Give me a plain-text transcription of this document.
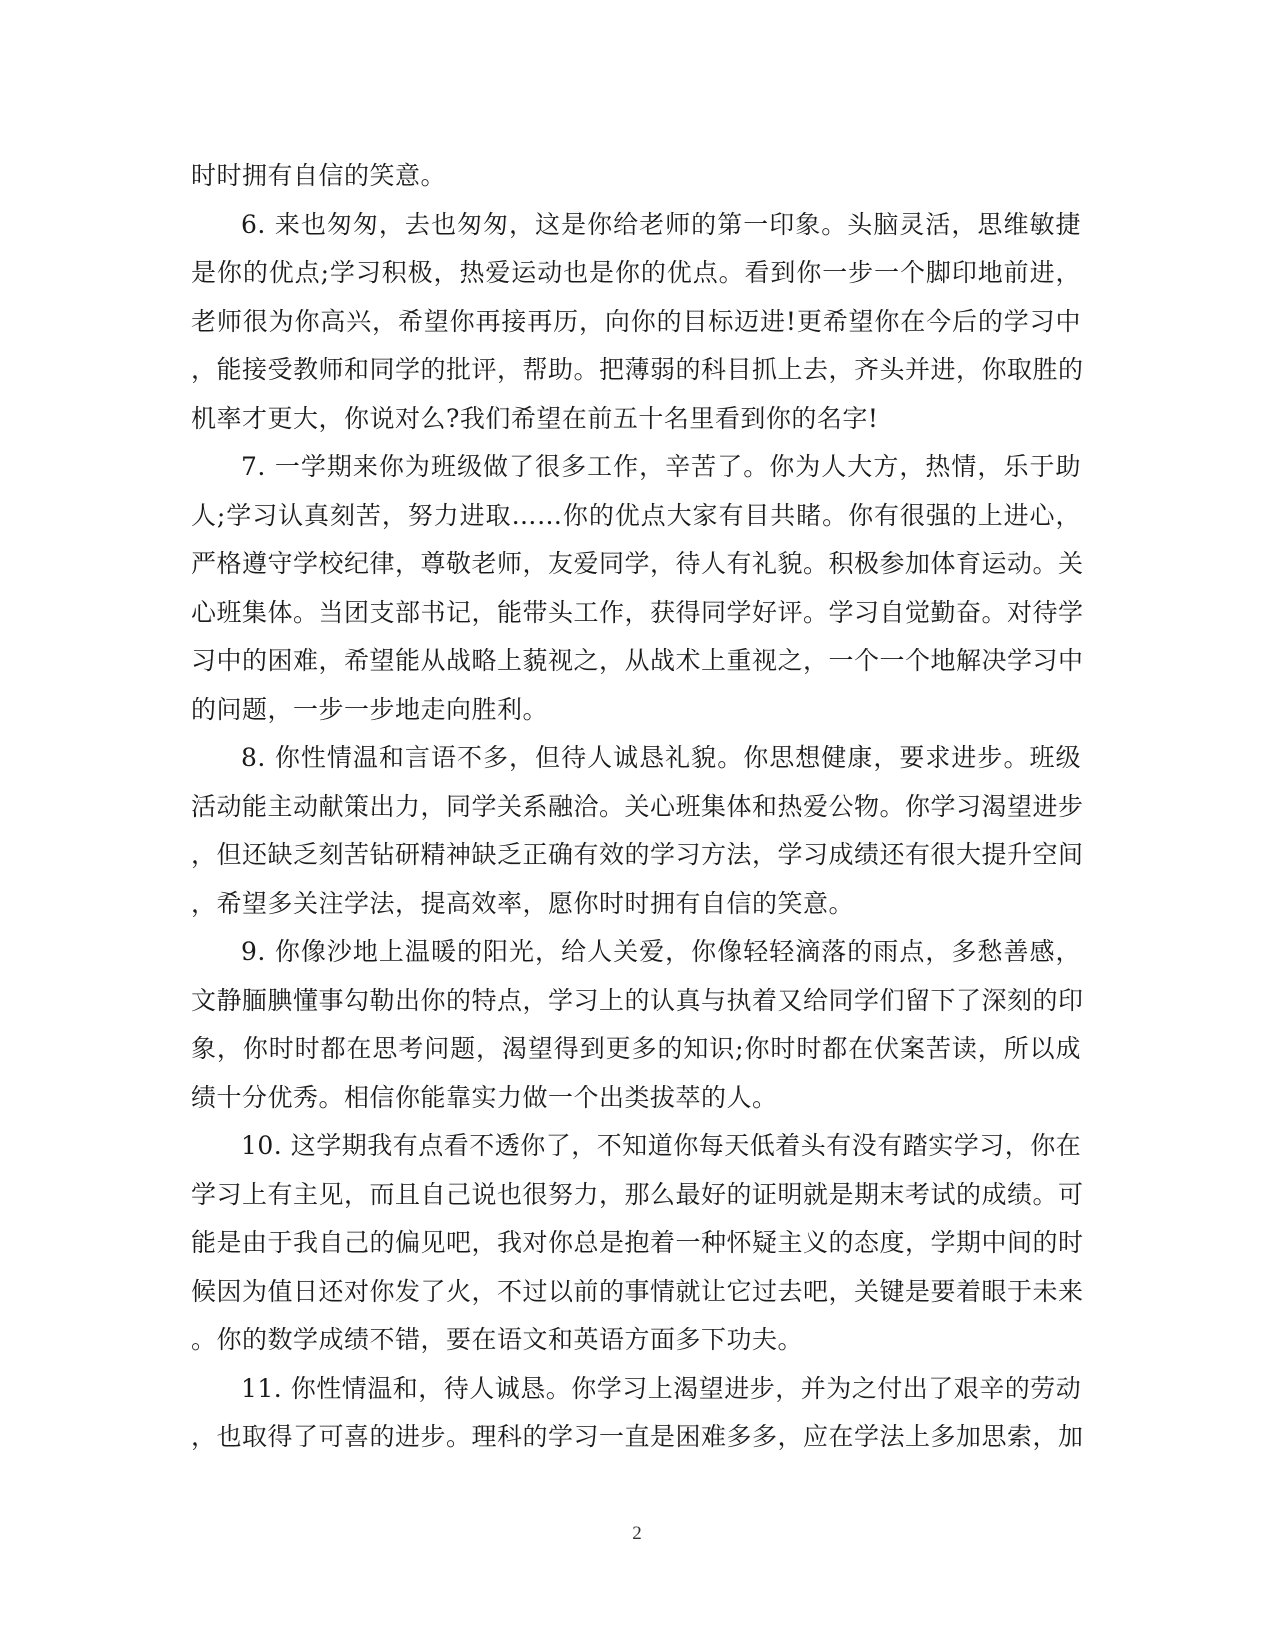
时时拥有自信的笑意。
6. 来也匆匆，去也匆匆，这是你给老师的第一印象。头脑灵活，思维敏捷
是你的优点;学习积极，热爱运动也是你的优点。看到你一步一个脚印地前进，
老师很为你高兴，希望你再接再历，向你的目标迈进!更希望你在今后的学习中
，能接受教师和同学的批评，帮助。把薄弱的科目抓上去，齐头并进，你取胜的
机率才更大，你说对么?我们希望在前五十名里看到你的名字!
7. 一学期来你为班级做了很多工作，辛苦了。你为人大方，热情，乐于助
人;学习认真刻苦，努力进取……你的优点大家有目共睹。你有很强的上进心，
严格遵守学校纪律，尊敬老师，友爱同学，待人有礼貌。积极参加体育运动。关
心班集体。当团支部书记，能带头工作，获得同学好评。学习自觉勤奋。对待学
习中的困难，希望能从战略上藐视之，从战术上重视之，一个一个地解决学习中
的问题，一步一步地走向胜利。
8. 你性情温和言语不多，但待人诚恳礼貌。你思想健康，要求进步。班级
活动能主动献策出力，同学关系融洽。关心班集体和热爱公物。你学习渴望进步
，但还缺乏刻苦钻研精神缺乏正确有效的学习方法，学习成绩还有很大提升空间
，希望多关注学法，提高效率，愿你时时拥有自信的笑意。
9. 你像沙地上温暖的阳光，给人关爱，你像轻轻滴落的雨点，多愁善感，
文静腼腆懂事勾勒出你的特点，学习上的认真与执着又给同学们留下了深刻的印
象，你时时都在思考问题，渴望得到更多的知识;你时时都在伏案苦读，所以成
绩十分优秀。相信你能靠实力做一个出类拔萃的人。
10. 这学期我有点看不透你了，不知道你每天低着头有没有踏实学习，你在
学习上有主见，而且自己说也很努力，那么最好的证明就是期末考试的成绩。可
能是由于我自己的偏见吧，我对你总是抱着一种怀疑主义的态度，学期中间的时
候因为值日还对你发了火，不过以前的事情就让它过去吧，关键是要着眼于未来
。你的数学成绩不错，要在语文和英语方面多下功夫。
11. 你性情温和，待人诚恳。你学习上渴望进步，并为之付出了艰辛的劳动
，也取得了可喜的进步。理科的学习一直是困难多多，应在学法上多加思索，加
2
